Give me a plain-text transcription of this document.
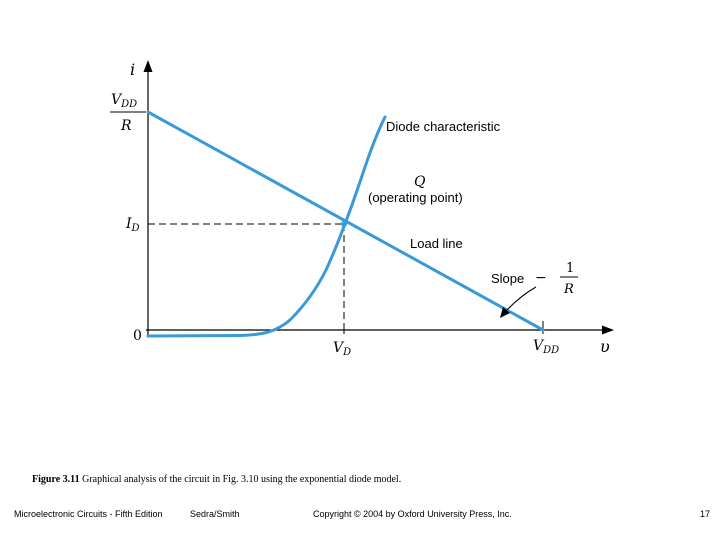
i
υ
$V_{DD}$
R
$I_D$
0
$V_D$	$V_{DD}$
Diode characteristic
Q
(operating point)
Load line
Slope −
1
R
Figure 3.11 Graphical analysis of the circuit in Fig. 3.10 using the exponential diode model.
Microelectronic Circuits - Fifth Edition	Sedra/Smith	Copyright © 2004 by Oxford University Press, Inc.	17
